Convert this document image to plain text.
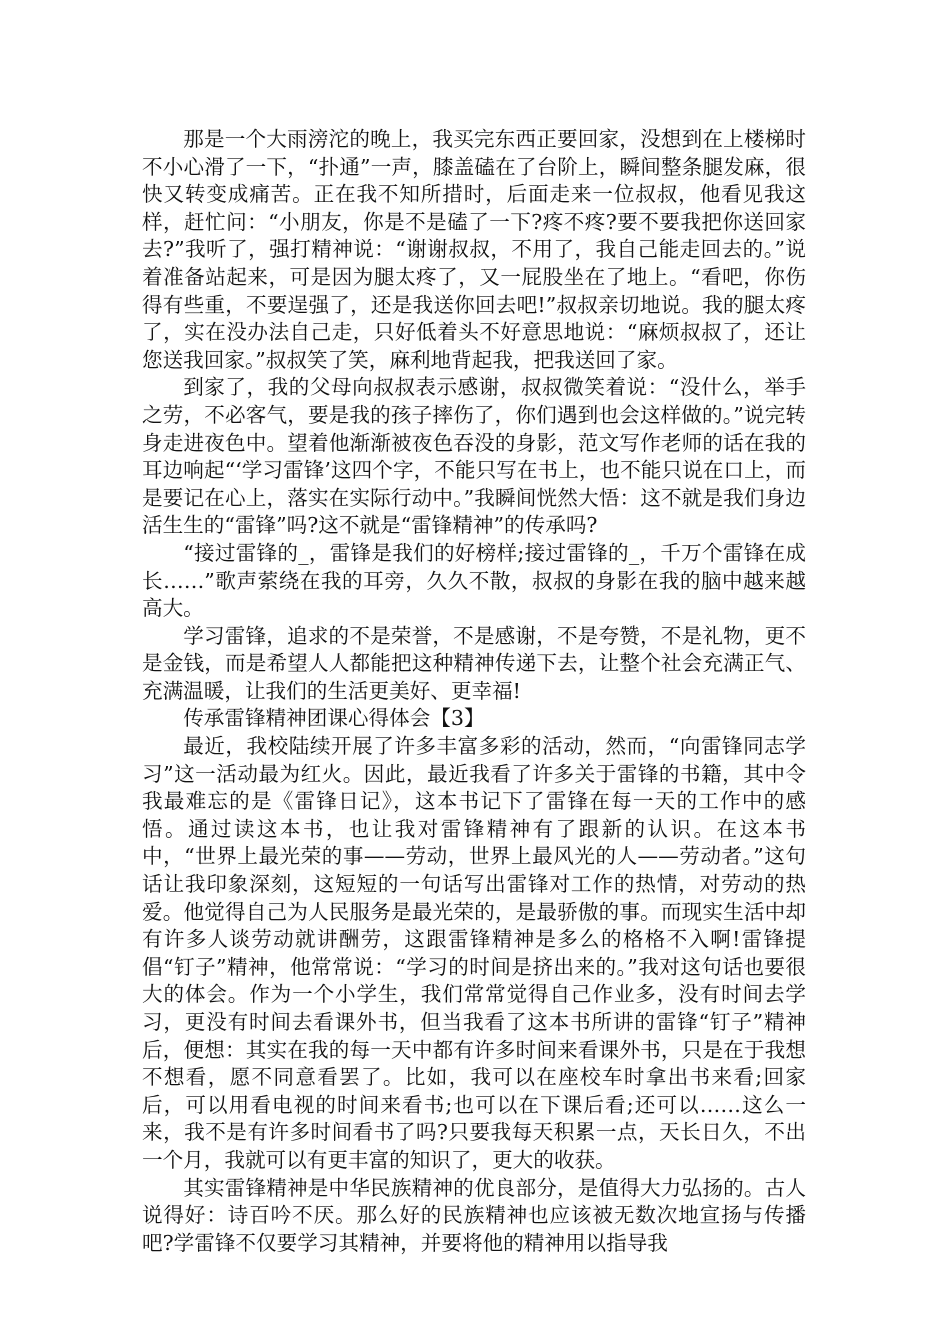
那是一个大雨滂沱的晚上，我买完东西正要回家，没想到在上楼梯时不小心滑了一下，“扑通”一声，膝盖磕在了台阶上，瞬间整条腿发麻，很快又转变成痛苦。正在我不知所措时，后面走来一位叔叔，他看见我这样，赶忙问：“小朋友，你是不是磕了一下?疼不疼?要不要我把你送回家去?”我听了，强打精神说：“谢谢叔叔，不用了，我自己能走回去的。”说着准备站起来，可是因为腿太疼了，又一屁股坐在了地上。“看吧，你伤得有些重，不要逞强了，还是我送你回去吧!”叔叔亲切地说。我的腿太疼了，实在没办法自己走，只好低着头不好意思地说：“麻烦叔叔了，还让您送我回家。”叔叔笑了笑，麻利地背起我，把我送回了家。

到家了，我的父母向叔叔表示感谢，叔叔微笑着说：“没什么，举手之劳，不必客气，要是我的孩子摔伤了，你们遇到也会这样做的。”说完转身走进夜色中。望着他渐渐被夜色吞没的身影，范文写作老师的话在我的耳边响起“‘学习雷锋’这四个字，不能只写在书上，也不能只说在口上，而是要记在心上，落实在实际行动中。”我瞬间恍然大悟：这不就是我们身边活生生的“雷锋”吗?这不就是“雷锋精神”的传承吗?

“接过雷锋的_，雷锋是我们的好榜样;接过雷锋的_，千万个雷锋在成长……”歌声萦绕在我的耳旁，久久不散，叔叔的身影在我的脑中越来越高大。

学习雷锋，追求的不是荣誉，不是感谢，不是夸赞，不是礼物，更不是金钱，而是希望人人都能把这种精神传递下去，让整个社会充满正气、充满温暖，让我们的生活更美好、更幸福!

传承雷锋精神团课心得体会【3】

最近，我校陆续开展了许多丰富多彩的活动，然而，“向雷锋同志学习”这一活动最为红火。因此，最近我看了许多关于雷锋的书籍，其中令我最难忘的是《雷锋日记》，这本书记下了雷锋在每一天的工作中的感悟。通过读这本书，也让我对雷锋精神有了跟新的认识。在这本书中，“世界上最光荣的事——劳动，世界上最风光的人——劳动者。”这句话让我印象深刻，这短短的一句话写出雷锋对工作的热情，对劳动的热爱。他觉得自己为人民服务是最光荣的，是最骄傲的事。而现实生活中却有许多人谈劳动就讲酬劳，这跟雷锋精神是多么的格格不入啊!雷锋提倡“钉子”精神，他常常说：“学习的时间是挤出来的。”我对这句话也要很大的体会。作为一个小学生，我们常常觉得自己作业多，没有时间去学习，更没有时间去看课外书，但当我看了这本书所讲的雷锋“钉子”精神后，便想：其实在我的每一天中都有许多时间来看课外书，只是在于我想不想看，愿不同意看罢了。比如，我可以在座校车时拿出书来看;回家后，可以用看电视的时间来看书;也可以在下课后看;还可以……这么一来，我不是有许多时间看书了吗?只要我每天积累一点，天长日久，不出一个月，我就可以有更丰富的知识了，更大的收获。

其实雷锋精神是中华民族精神的优良部分，是值得大力弘扬的。古人说得好：诗百吟不厌。那么好的民族精神也应该被无数次地宣扬与传播吧?学雷锋不仅要学习其精神，并要将他的精神用以指导我
